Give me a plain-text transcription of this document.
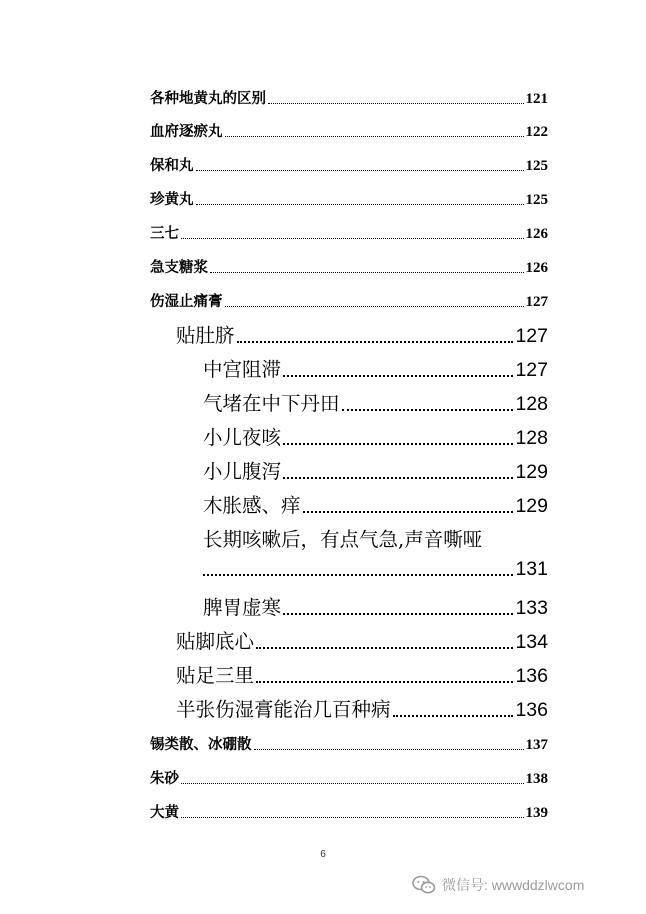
各种地黄丸的区别	121
血府逐瘀丸	122
保和丸	125
珍黄丸	125
三七	126
急支糖浆	126
伤湿止痛膏	127
贴肚脐	127
中宫阻滞	127
气堵在中下丹田	128
小儿夜咳	128
小儿腹泻	129
木胀感、痒	129
长期咳嗽后，有点气急,声音嘶哑
131
脾胃虚寒	133
贴脚底心	134
贴足三里	136
半张伤湿膏能治几百种病	136
锡类散、冰硼散	137
朱砂	138
大黄	139
6
微信号: wwwddzlwcom
